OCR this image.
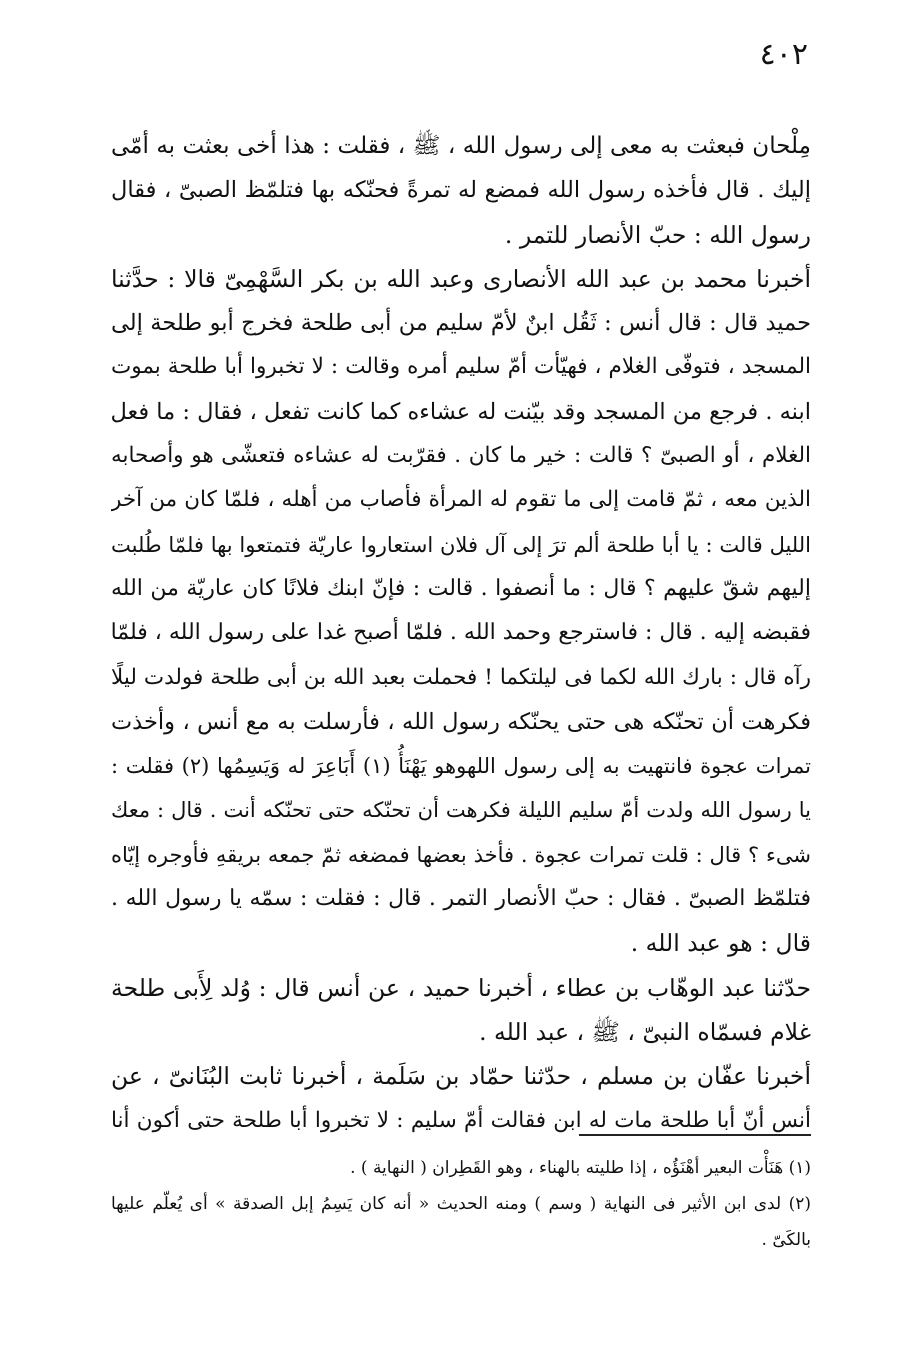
٤٠٢
مِلْحان فبعثت به معى إلى رسول الله ، ﷺ ، فقلت : هذا أخى بعثت به أمّى
إليك . قال فأخذه رسول الله فمضع له تمرةً فحنّكه بها فتلمّظ الصبىّ ، فقال
رسول الله : حبّ الأنصار للتمر .
أخبرنا محمد بن عبد الله الأنصارى وعبد الله بن بكر السَّهْمِىّ قالا : حدَّثنا
حميد قال : قال أنس : ثَقُل ابنٌ لأمّ سليم من أبى طلحة فخرج أبو طلحة إلى
المسجد ، فتوفّى الغلام ، فهيّأت أمّ سليم أمره وقالت : لا تخبروا أبا طلحة بموت
ابنه . فرجع من المسجد وقد بيّنت له عشاءه كما كانت تفعل ، فقال : ما فعل
الغلام ، أو الصبىّ ؟ قالت : خير ما كان . فقرّبت له عشاءه فتعشّى هو وأصحابه
الذين معه ، ثمّ قامت إلى ما تقوم له المرأة فأصاب من أهله ، فلمّا كان من آخر
الليل قالت : يا أبا طلحة ألم ترَ إلى آل فلان استعاروا عاريّة فتمتعوا بها فلمّا طُلبت
إليهم شقّ عليهم ؟ قال : ما أنصفوا . قالت : فإنّ ابنك فلانًا كان عاريّة من الله
فقبضه إليه . قال : فاسترجع وحمد الله . فلمّا أصبح غدا على رسول الله ، فلمّا
رآه قال : بارك الله لكما فى ليلتكما ! فحملت بعبد الله بن أبى طلحة فولدت ليلًا
فكرهت أن تحنّكه هى حتى يحنّكه رسول الله ، فأرسلت به مع أنس ، وأخذت
تمرات عجوة فانتهيت به إلى رسول اللهوهو يَهْنَأُ (١) أَبَاعِرَ له وَيَسِمُها (٢) فقلت :
يا رسول الله ولدت أمّ سليم الليلة فكرهت أن تحنّكه حتى تحنّكه أنت . قال : معك
شىء ؟ قال : قلت تمرات عجوة . فأخذ بعضها فمضغه ثمّ جمعه بريقهِ فأوجره إيّاه
فتلمّظ الصبىّ . فقال : حبّ الأنصار التمر . قال : فقلت : سمّه يا رسول الله .
قال : هو عبد الله .
حدّثنا عبد الوهّاب بن عطاء ، أخبرنا حميد ، عن أنس قال : وُلد لِأَبى طلحة
غلام فسمّاه النبىّ ، ﷺ ، عبد الله .
أخبرنا عفّان بن مسلم ، حدّثنا حمّاد بن سَلَمة ، أخبرنا ثابت البُنَانىّ ، عن
أنس أنّ أبا طلحة مات له ابن فقالت أمّ سليم : لا تخبروا أبا طلحة حتى أكون أنا
(١) هَنَأْت البعير أهْنَؤُه ، إذا طليته بالهناء ، وهو القَطِران ( النهاية ) .
(٢) لدى ابن الأثير فى النهاية ( وسم ) ومنه الحديث « أنه كان يَسِمُ إبل الصدقة » أى يُعلّم عليها
بالكَىّ .
